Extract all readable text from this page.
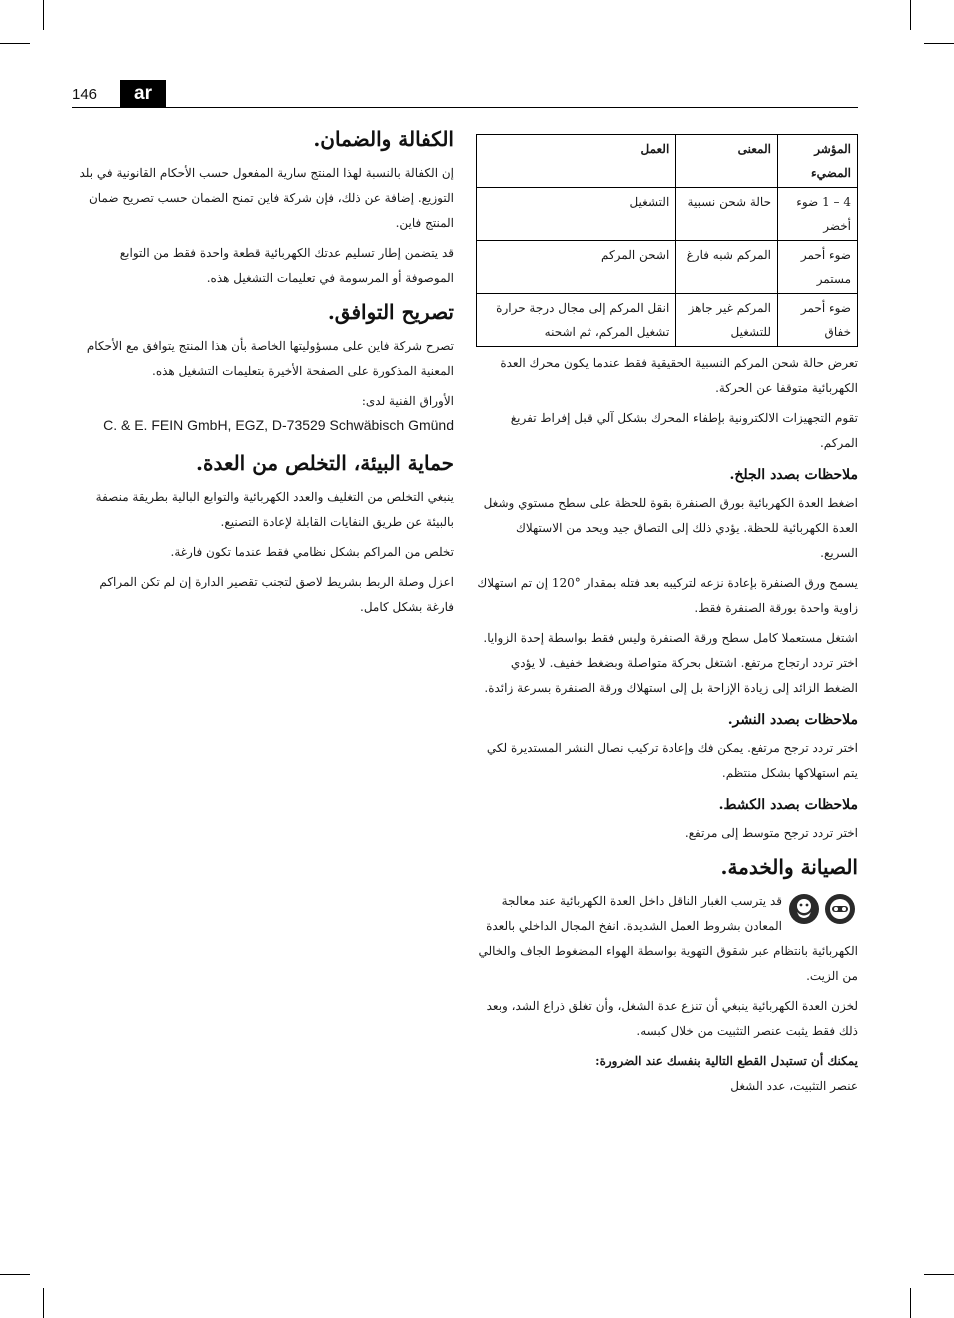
146	ar
الكفالة والضمان.

إن الكفالة بالنسبة لهذا المنتج سارية المفعول حسب الأحكام القانونية في بلد التوزيع. إضافة عن ذلك، فإن شركة فاين تمنح الضمان حسب تصريح ضمان المنتج فاين.

قد يتضمن إطار تسليم عدتك الكهربائية قطعة واحدة فقط من التوابع الموصوفة أو المرسومة في تعليمات التشغيل هذه.

تصريح التوافق.

تصرح شركة فاين على مسؤوليتها الخاصة بأن هذا المنتج يتوافق مع الأحكام المعنية المذكورة على الصفحة الأخيرة بتعليمات التشغيل هذه.

الأوراق الفنية لدى:

C. & E. FEIN GmbH, EGZ, D-73529 Schwäbisch Gmünd

حماية البيئة، التخلص من العدة.

ينبغي التخلص من التغليف والعدد الكهربائية والتوابع البالية بطريقة منصفة بالبيئة عن طريق النفايات القابلة لإعادة التصنيع.

تخلص من المراكم بشكل نظامي فقط عندما تكون فارغة.

اعزل وصلة الربط بشريط لاصق لتجنب تقصير الدارة إن لم تكن المراكم فارغة بشكل كامل.

المؤشر المضيء	المعنى	العمل
4 – 1 ضوء أخضر	حالة شحن نسبية	التشغيل
ضوء أحمر مستمر	المركم شبه فارغ	اشحن المركم
ضوء أحمر خفاق	المركم غير جاهز للتشغيل	انقل المركم إلى مجال درجة حرارة تشغيل المركم، ثم اشحنه

تعرض حالة شحن المركم النسبية الحقيقية فقط عندما يكون محرك العدة الكهربائية متوقفا عن الحركة.

تقوم التجهيزات الالكترونية بإطفاء المحرك بشكل آلي قبل إفراط تفريغ المركم.

ملاحظات بصدد الجلخ.

اضغط العدة الكهربائية بورق الصنفرة بقوة للحظة على سطح مستوي وشغل العدة الكهربائية للحظة. يؤدي ذلك إلى التصاق جيد ويحد من الاستهلاك السريع.

يسمح ورق الصنفرة بإعادة نزعه لتركيبه بعد فتله بمقدار °120 إن تم استهلاك زاوية واحدة بورقة الصنفرة فقط.

اشتغل مستعملا كامل سطح ورقة الصنفرة وليس فقط بواسطة إحدة الزوايا. اختر تردد ارتجاج مرتفع. اشتغل بحركة متواصلة وبضغط خفيف. لا يؤدي الضغط الزائد إلى زيادة الإزاحة بل إلى استهلاك ورقة الصنفرة بسرعة زائدة.

ملاحظات بصدد النشر.

اختر تردد ترجح مرتفع. يمكن فك وإعادة تركيب نصال النشر المستديرة لكي يتم استهلاكها بشكل منتظم.

ملاحظات بصدد الكشط.

اختر تردد ترجح متوسط إلى مرتفع.

الصيانة والخدمة.

قد يترسب الغبار الناقل داخل العدة الكهربائية عند معالجة المعادن بشروط العمل الشديدة. انفخ المجال الداخلي بالعدة الكهربائية بانتظام عبر شقوق التهوية بواسطة الهواء المضغوط الجاف والخالي من الزيت.

لخزن العدة الكهربائية ينبغي أن تنزع عدة الشغل، وأن تغلق ذراع الشد، وبعد ذلك فقط يثبت عنصر التثبيت من خلال كبسه.

يمكنك أن تستبدل القطع التالية بنفسك عند الضرورة:

عنصر التثبيت، عدد الشغل
